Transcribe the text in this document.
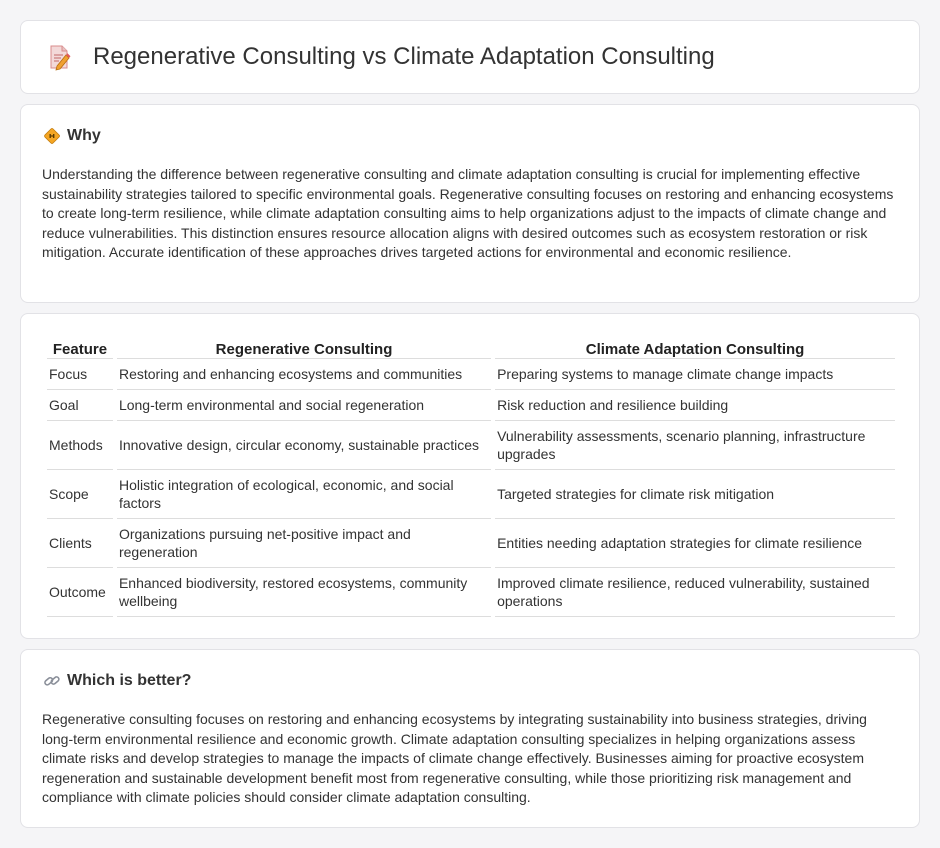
Regenerative Consulting vs Climate Adaptation Consulting
Why

Understanding the difference between regenerative consulting and climate adaptation consulting is crucial for implementing effective sustainability strategies tailored to specific environmental goals. Regenerative consulting focuses on restoring and enhancing ecosystems to create long-term resilience, while climate adaptation consulting aims to help organizations adjust to the impacts of climate change and reduce vulnerabilities. This distinction ensures resource allocation aligns with desired outcomes such as ecosystem restoration or risk mitigation. Accurate identification of these approaches drives targeted actions for environmental and economic resilience.

Feature	Regenerative Consulting	Climate Adaptation Consulting
Focus	Restoring and enhancing ecosystems and communities	Preparing systems to manage climate change impacts
Goal	Long-term environmental and social regeneration	Risk reduction and resilience building
Methods	Innovative design, circular economy, sustainable practices	Vulnerability assessments, scenario planning, infrastructure upgrades
Scope	Holistic integration of ecological, economic, and social factors	Targeted strategies for climate risk mitigation
Clients	Organizations pursuing net-positive impact and regeneration	Entities needing adaptation strategies for climate resilience
Outcome	Enhanced biodiversity, restored ecosystems, community wellbeing	Improved climate resilience, reduced vulnerability, sustained operations
Which is better?

Regenerative consulting focuses on restoring and enhancing ecosystems by integrating sustainability into business strategies, driving long-term environmental resilience and economic growth. Climate adaptation consulting specializes in helping organizations assess climate risks and develop strategies to manage the impacts of climate change effectively. Businesses aiming for proactive ecosystem regeneration and sustainable development benefit most from regenerative consulting, while those prioritizing risk management and compliance with climate policies should consider climate adaptation consulting.
